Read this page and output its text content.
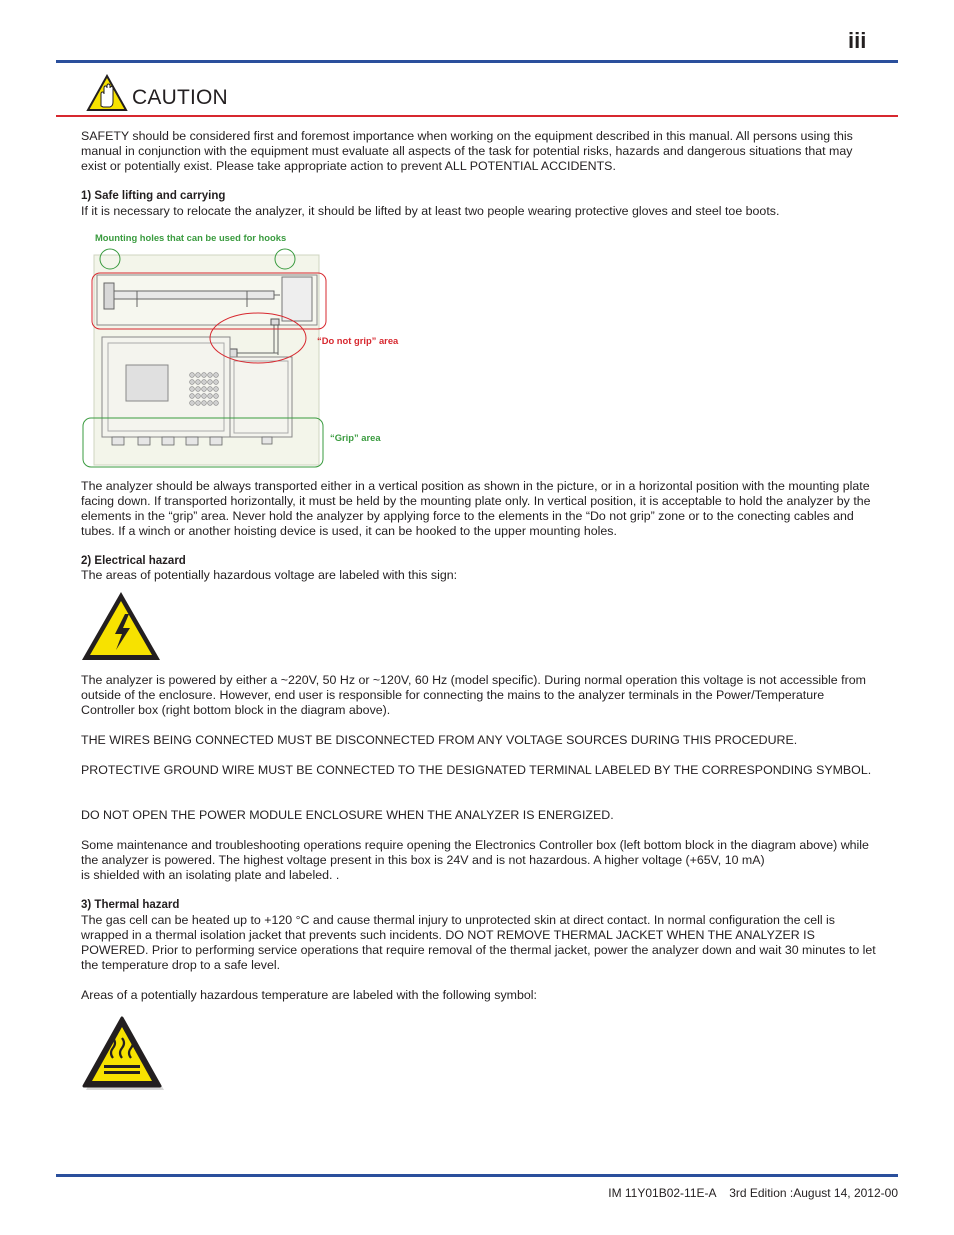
iii
CAUTION
SAFETY should be considered first and foremost importance when working on the equipment described in this manual. All persons using this manual in conjunction with the equipment must evaluate all aspects of the task for potential risks, hazards and dangerous situations that may exist or potentially exist. Please take appropriate action to prevent ALL POTENTIAL ACCIDENTS.
1) Safe lifting and carrying
If it is necessary to relocate the analyzer, it should be lifted by at least two people wearing protective gloves and steel toe boots.
Mounting holes that can be used for hooks
“Do not grip” area
“Grip” area
The analyzer should be always transported either in a vertical position as shown in the picture, or in a horizontal position with the mounting plate facing down. If transported horizontally, it must be held by the mounting plate only. In vertical position, it is acceptable to hold the analyzer by the elements in the “grip” area. Never hold the analyzer by applying force to the elements in the “Do not grip” zone or to the conecting cables and tubes. If a winch or another hoisting device is used, it can be hooked to the upper mounting holes.
2) Electrical hazard
The areas of potentially hazardous voltage are labeled with this sign:
The analyzer is powered by either a ~220V, 50 Hz or ~120V, 60 Hz (model specific). During normal operation this voltage is not accessible from outside of the enclosure. However, end user is responsible for connecting the mains to the analyzer terminals in the Power/Temperature Controller box (right bottom block in the diagram above).
THE WIRES BEING CONNECTED MUST BE DISCONNECTED FROM ANY VOLTAGE SOURCES DURING THIS PROCEDURE.
PROTECTIVE GROUND WIRE MUST BE CONNECTED TO THE DESIGNATED TERMINAL LABELED BY THE CORRESPONDING SYMBOL.
DO NOT OPEN THE POWER MODULE ENCLOSURE WHEN THE ANALYZER IS ENERGIZED.
Some maintenance and troubleshooting operations require opening the Electronics Controller box (left bottom block in the diagram above) while the analyzer is powered. The highest voltage present in this box is 24V and is not hazardous. A higher voltage (+65V, 10 mA)
is shielded with an isolating plate and labeled. .
3) Thermal hazard
The gas cell can be heated up to +120 °C and cause thermal injury to unprotected skin at direct contact. In normal configuration the cell is wrapped in a thermal isolation jacket that prevents such incidents. DO NOT REMOVE THERMAL JACKET WHEN THE ANALYZER IS POWERED. Prior to performing service operations that require removal of the thermal jacket, power the analyzer down and wait 30 minutes to let the temperature drop to a safe level.
Areas of a potentially hazardous temperature are labeled with the following symbol:
IM 11Y01B02-11E-A 3rd Edition :August 14, 2012-00
